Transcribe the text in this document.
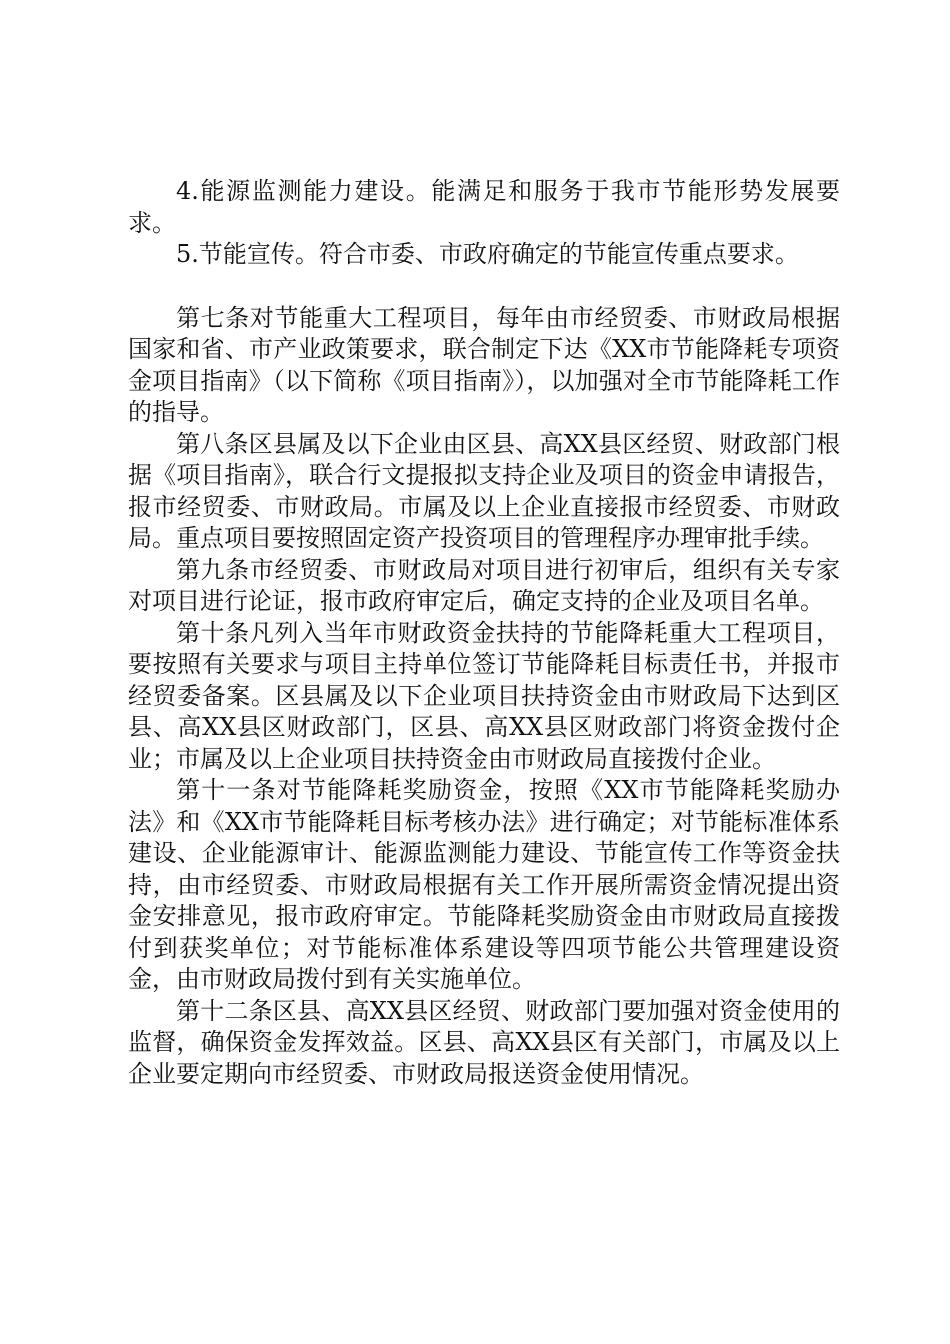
4.能源监测能力建设。能满足和服务于我市节能形势发展要求。

5.节能宣传。符合市委、市政府确定的节能宣传重点要求。

第七条对节能重大工程项目，每年由市经贸委、市财政局根据国家和省、市产业政策要求，联合制定下达《XX市节能降耗专项资金项目指南》（以下简称《项目指南》），以加强对全市节能降耗工作的指导。

第八条区县属及以下企业由区县、高XX县区经贸、财政部门根据《项目指南》，联合行文提报拟支持企业及项目的资金申请报告，报市经贸委、市财政局。市属及以上企业直接报市经贸委、市财政局。重点项目要按照固定资产投资项目的管理程序办理审批手续。

第九条市经贸委、市财政局对项目进行初审后，组织有关专家对项目进行论证，报市政府审定后，确定支持的企业及项目名单。

第十条凡列入当年市财政资金扶持的节能降耗重大工程项目，要按照有关要求与项目主持单位签订节能降耗目标责任书，并报市经贸委备案。区县属及以下企业项目扶持资金由市财政局下达到区县、高XX县区财政部门，区县、高XX县区财政部门将资金拨付企业；市属及以上企业项目扶持资金由市财政局直接拨付企业。

第十一条对节能降耗奖励资金，按照《XX市节能降耗奖励办法》和《XX市节能降耗目标考核办法》进行确定；对节能标准体系建设、企业能源审计、能源监测能力建设、节能宣传工作等资金扶持，由市经贸委、市财政局根据有关工作开展所需资金情况提出资金安排意见，报市政府审定。节能降耗奖励资金由市财政局直接拨付到获奖单位；对节能标准体系建设等四项节能公共管理建设资金，由市财政局拨付到有关实施单位。

第十二条区县、高XX县区经贸、财政部门要加强对资金使用的监督，确保资金发挥效益。区县、高XX县区有关部门，市属及以上企业要定期向市经贸委、市财政局报送资金使用情况。
